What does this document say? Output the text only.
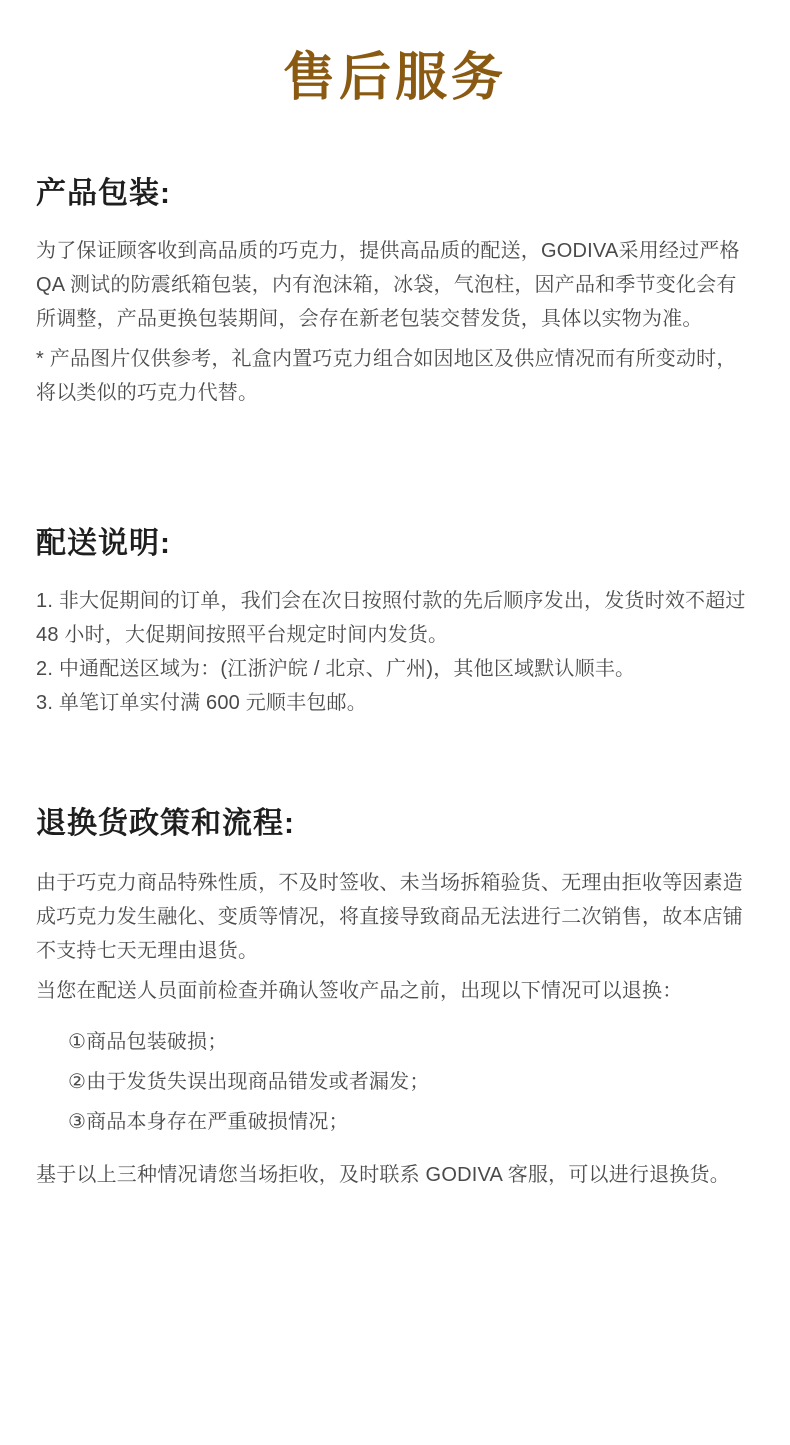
售后服务
产品包装:

为了保证顾客收到高品质的巧克力，提供高品质的配送，GODIVA采用经过严格 QA 测试的防震纸箱包装，内有泡沫箱，冰袋，气泡柱，因产品和季节变化会有所调整，产品更换包装期间，会存在新老包装交替发货，具体以实物为准。

* 产品图片仅供参考，礼盒内置巧克力组合如因地区及供应情况而有所变动时，将以类似的巧克力代替。

配送说明:

1. 非大促期间的订单，我们会在次日按照付款的先后顺序发出，发货时效不超过 48 小时，大促期间按照平台规定时间内发货。

2. 中通配送区域为：(江浙沪皖 / 北京、广州)，其他区域默认顺丰。

3. 单笔订单实付满 600 元顺丰包邮。

退换货政策和流程:

由于巧克力商品特殊性质，不及时签收、未当场拆箱验货、无理由拒收等因素造成巧克力发生融化、变质等情况，将直接导致商品无法进行二次销售，故本店铺不支持七天无理由退货。

当您在配送人员面前检查并确认签收产品之前，出现以下情况可以退换：

①商品包装破损；

②由于发货失误出现商品错发或者漏发；

③商品本身存在严重破损情况；

基于以上三种情况请您当场拒收，及时联系 GODIVA 客服，可以进行退换货。
